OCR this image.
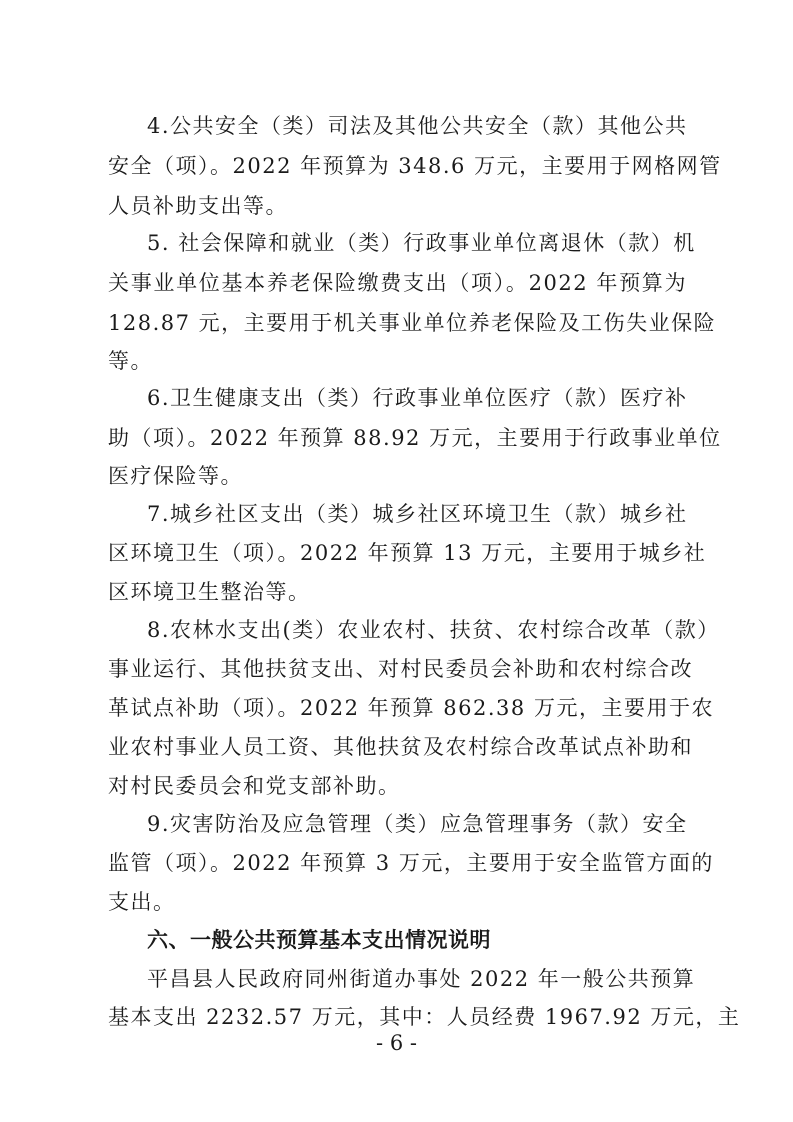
4.公共安全（类）司法及其他公共安全（款）其他公共
安全（项）。2022 年预算为 348.6 万元，主要用于网格网管
人员补助支出等。
5. 社会保障和就业（类）行政事业单位离退休（款）机
关事业单位基本养老保险缴费支出（项）。2022 年预算为
128.87 元，主要用于机关事业单位养老保险及工伤失业保险
等。
6.卫生健康支出（类）行政事业单位医疗（款）医疗补
助（项）。2022 年预算 88.92 万元，主要用于行政事业单位
医疗保险等。
7.城乡社区支出（类）城乡社区环境卫生（款）城乡社
区环境卫生（项）。2022 年预算 13 万元，主要用于城乡社
区环境卫生整治等。
8.农林水支出(类）农业农村、扶贫、农村综合改革（款）
事业运行、其他扶贫支出、对村民委员会补助和农村综合改
革试点补助（项）。2022 年预算 862.38 万元，主要用于农
业农村事业人员工资、其他扶贫及农村综合改革试点补助和
对村民委员会和党支部补助。
9.灾害防治及应急管理（类）应急管理事务（款）安全
监管（项）。2022 年预算 3 万元，主要用于安全监管方面的
支出。
六、一般公共预算基本支出情况说明
平昌县人民政府同州街道办事处 2022 年一般公共预算
基本支出 2232.57 万元，其中：人员经费 1967.92 万元，主
- 6 -
